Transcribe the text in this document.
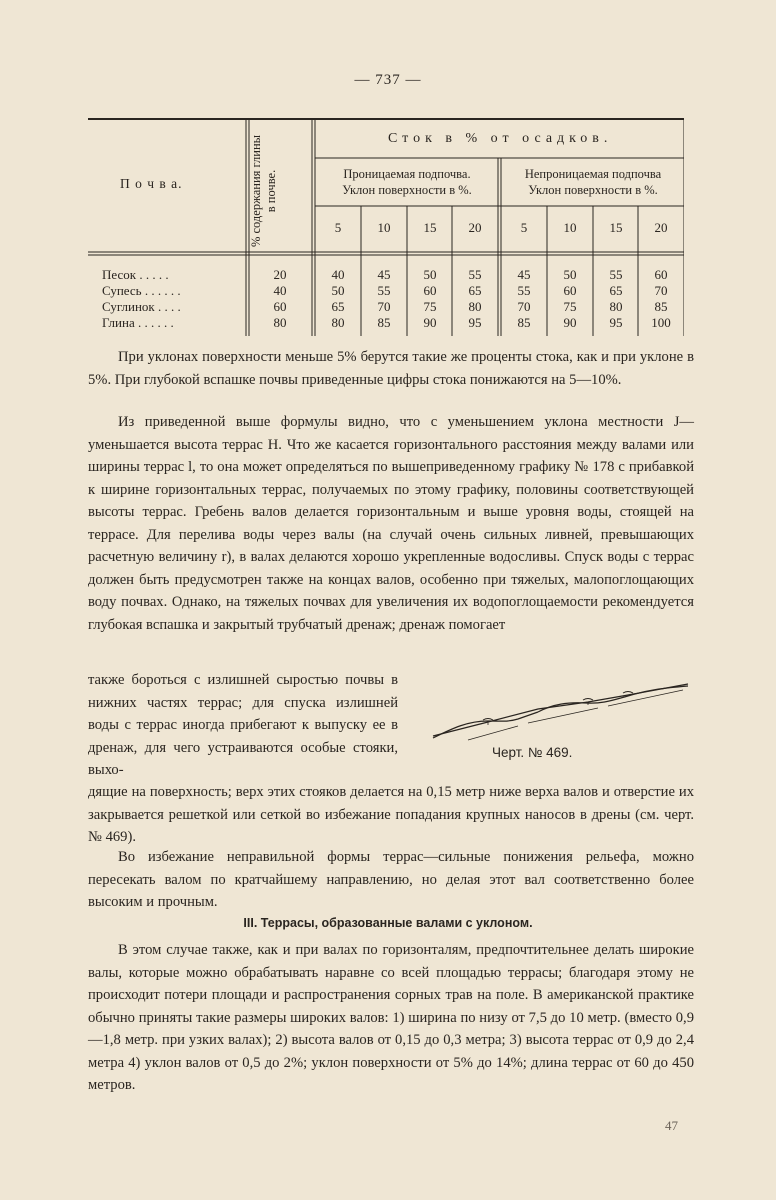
— 737 —
П о ч в а.	% содержания глины в почве.
Сток в % от осадков.
Проницаемая подпочва.
Уклон поверхности в %.
Непроницаемая подпочва
Уклон поверхности в %.
5	10	15	20	5	10	15	20
Песок . . . . .	20	40	45	50	55	45	50	55	60
Супесь . . . . . .	40	50	55	60	65	55	60	65	70
Суглинок . . . .	60	65	70	75	80	70	75	80	85
Глина . . . . . .	80	80	85	90	95	85	90	95	100

При уклонах поверхности меньше 5% берутся такие же проценты стока, как и при уклоне в 5%. При глубокой вспашке почвы приведенные цифры стока понижаются на 5—10%.

Из приведенной выше формулы видно, что с уменьшением уклона местности J—уменьшается высота террас H. Что же касается горизонтального расстояния между валами или ширины террас l, то она может определяться по вышеприведенному графику № 178 с прибавкой к ширине горизонтальных террас, получаемых по этому графику, половины соответствующей высоты террас. Гребень валов делается горизонтальным и выше уровня воды, стоящей на террасе. Для перелива воды через валы (на случай очень сильных ливней, превышающих расчетную величину r), в валах делаются хорошо укрепленные водосливы. Спуск воды с террас должен быть предусмотрен также на концах валов, особенно при тяжелых, малопоглощающих воду почвах. Однако, на тяжелых почвах для увеличения их водопоглощаемости рекомендуется глубокая вспашка и закрытый трубчатый дренаж; дренаж помогает

также бороться с излишней сыростью почвы в нижних частях террас; для спуска излишней воды с террас иногда прибегают к выпуску ее в дренаж, для чего устраиваются особые стояки, выхо-

Черт. № 469.

дящие на поверхность; верх этих стояков делается на 0,15 метр ниже верха валов и отверстие их закрывается решеткой или сеткой во избежание попадания крупных наносов в дрены (см. черт. № 469).

Во избежание неправильной формы террас—сильные понижения рельефа, можно пересекать валом по кратчайшему направлению, но делая этот вал соответственно более высоким и прочным.

III. Террасы, образованные валами с уклоном.

В этом случае также, как и при валах по горизонталям, предпочтительнее делать широкие валы, которые можно обрабатывать наравне со всей площадью террасы; благодаря этому не происходит потери площади и распространения сорных трав на поле. В американской практике обычно приняты такие размеры широких валов: 1) ширина по низу от 7,5 до 10 метр. (вместо 0,9—1,8 метр. при узких валах); 2) высота валов от 0,15 до 0,3 метра; 3) высота террас от 0,9 до 2,4 метра 4) уклон валов от 0,5 до 2%; уклон поверхности от 5% до 14%; длина террас от 60 до 450 метров.

47
